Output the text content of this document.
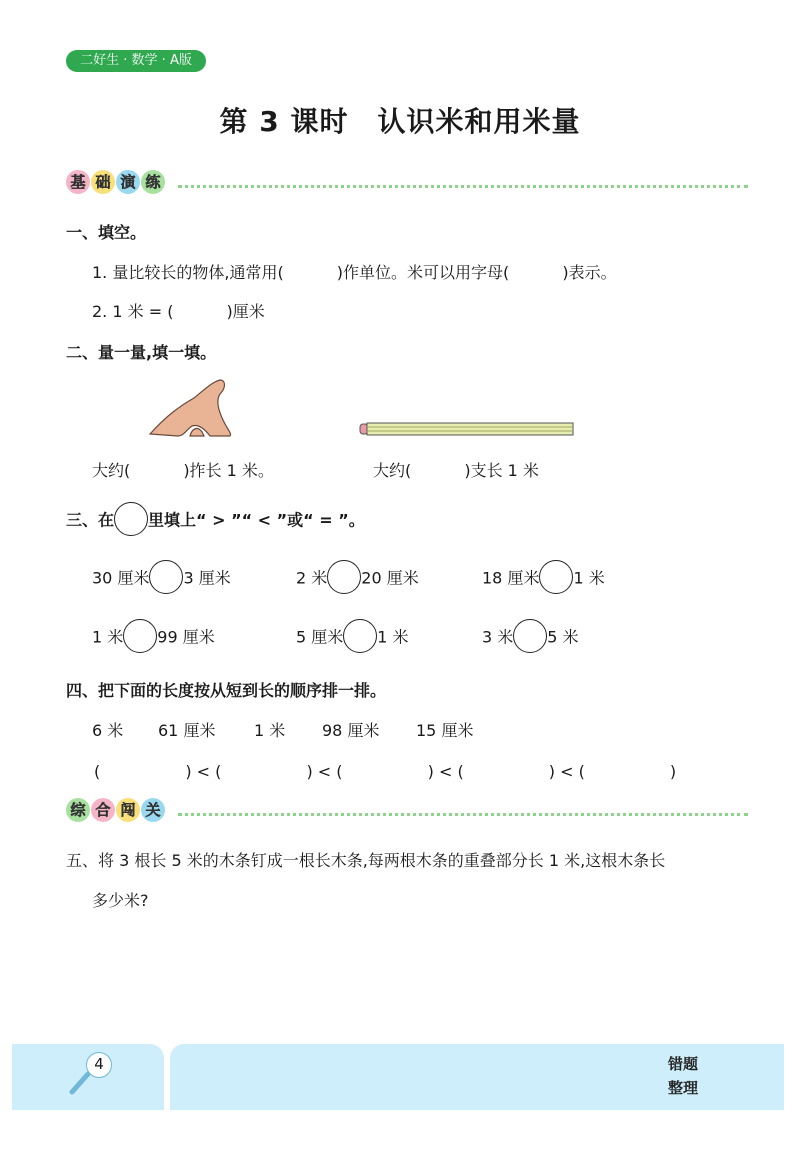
二好生 · 数学 · A版
第 3 课时　认识米和用米量
基 础 演 练
一、填空。
1. 量比较长的物体,通常用(　　　 )作单位。米可以用字母(　　　 )表示。
2. 1 米 = (　　　 )厘米
二、量一量,填一填。
大约(　　　 )拃长 1 米。	大约(　　　 )支长 1 米
三、在 里填上“ > ”“ < ”或“ = ”。
30 厘米 3 厘米	2 米 20 厘米	18 厘米 1 米
1 米 99 厘米	5 厘米 1 米	3 米 5 米
四、把下面的长度按从短到长的顺序排一排。
6 米 61 厘米 1 米 98 厘米 15 厘米
(　　　　　 ) < (　　　　　 ) < (　　　　　 ) < (　　　　　 ) < (　　　　　 )
综 合 闯 关
五、将 3 根长 5 米的木条钉成一根长木条,每两根木条的重叠部分长 1 米,这根木条长
多少米?
4	错题
整理
